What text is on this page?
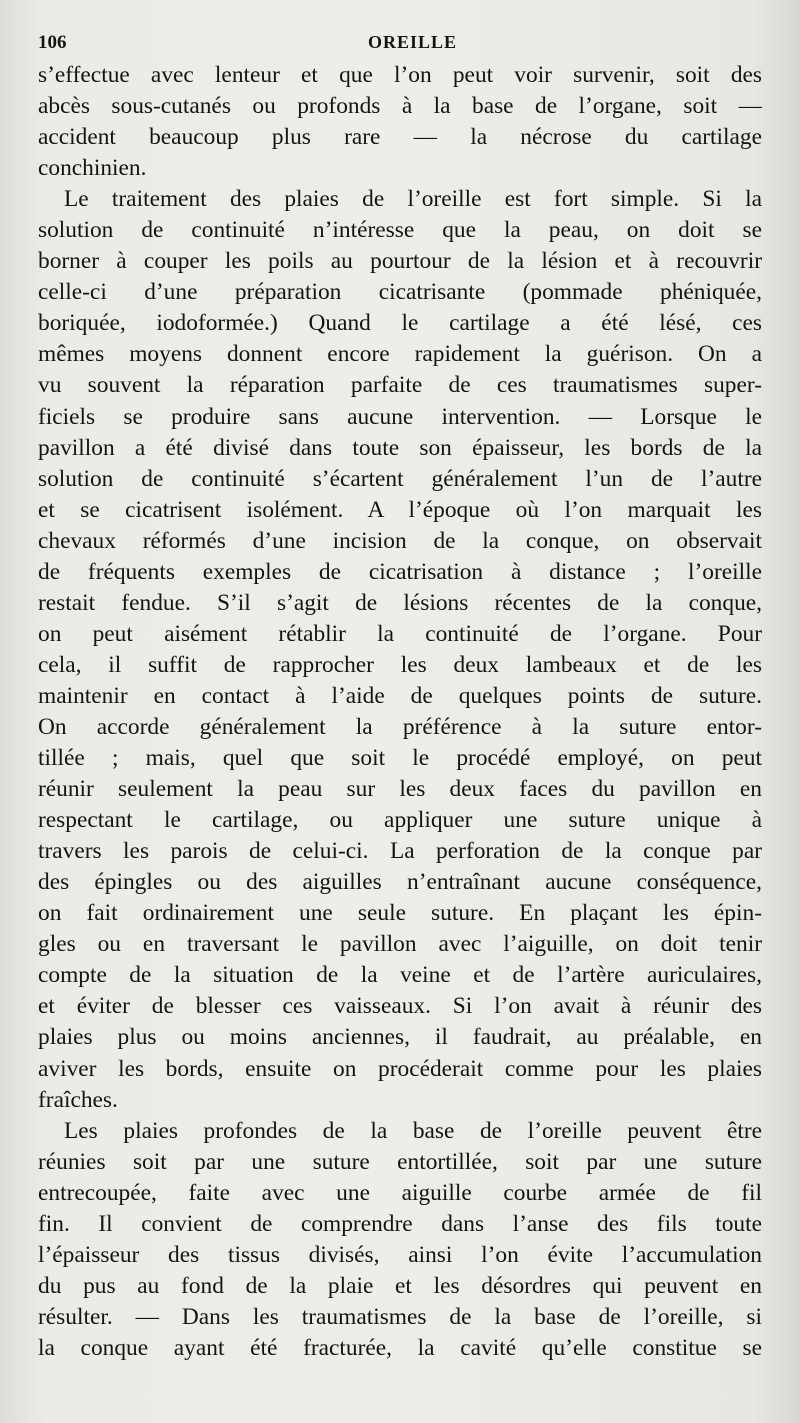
106	OREILLE

s’effectue avec lenteur et que l’on peut voir survenir, soit des
abcès sous-cutanés ou profonds à la base de l’organe, soit —
accident beaucoup plus rare — la nécrose du cartilage
conchinien.

Le traitement des plaies de l’oreille est fort simple. Si la
solution de continuité n’intéresse que la peau, on doit se
borner à couper les poils au pourtour de la lésion et à recouvrir
celle-ci d’une préparation cicatrisante (pommade phéniquée,
boriquée, iodoformée.) Quand le cartilage a été lésé, ces
mêmes moyens donnent encore rapidement la guérison. On a
vu souvent la réparation parfaite de ces traumatismes super-
ficiels se produire sans aucune intervention. — Lorsque le
pavillon a été divisé dans toute son épaisseur, les bords de la
solution de continuité s’écartent généralement l’un de l’autre
et se cicatrisent isolément. A l’époque où l’on marquait les
chevaux réformés d’une incision de la conque, on observait
de fréquents exemples de cicatrisation à distance ; l’oreille
restait fendue. S’il s’agit de lésions récentes de la conque,
on peut aisément rétablir la continuité de l’organe. Pour
cela, il suffit de rapprocher les deux lambeaux et de les
maintenir en contact à l’aide de quelques points de suture.
On accorde généralement la préférence à la suture entor-
tillée ; mais, quel que soit le procédé employé, on peut
réunir seulement la peau sur les deux faces du pavillon en
respectant le cartilage, ou appliquer une suture unique à
travers les parois de celui-ci. La perforation de la conque par
des épingles ou des aiguilles n’entraînant aucune conséquence,
on fait ordinairement une seule suture. En plaçant les épin-
gles ou en traversant le pavillon avec l’aiguille, on doit tenir
compte de la situation de la veine et de l’artère auriculaires,
et éviter de blesser ces vaisseaux. Si l’on avait à réunir des
plaies plus ou moins anciennes, il faudrait, au préalable, en
aviver les bords, ensuite on procéderait comme pour les plaies
fraîches.

Les plaies profondes de la base de l’oreille peuvent être
réunies soit par une suture entortillée, soit par une suture
entrecoupée, faite avec une aiguille courbe armée de fil
fin. Il convient de comprendre dans l’anse des fils toute
l’épaisseur des tissus divisés, ainsi l’on évite l’accumulation
du pus au fond de la plaie et les désordres qui peuvent en
résulter. — Dans les traumatismes de la base de l’oreille, si
la conque ayant été fracturée, la cavité qu’elle constitue se
